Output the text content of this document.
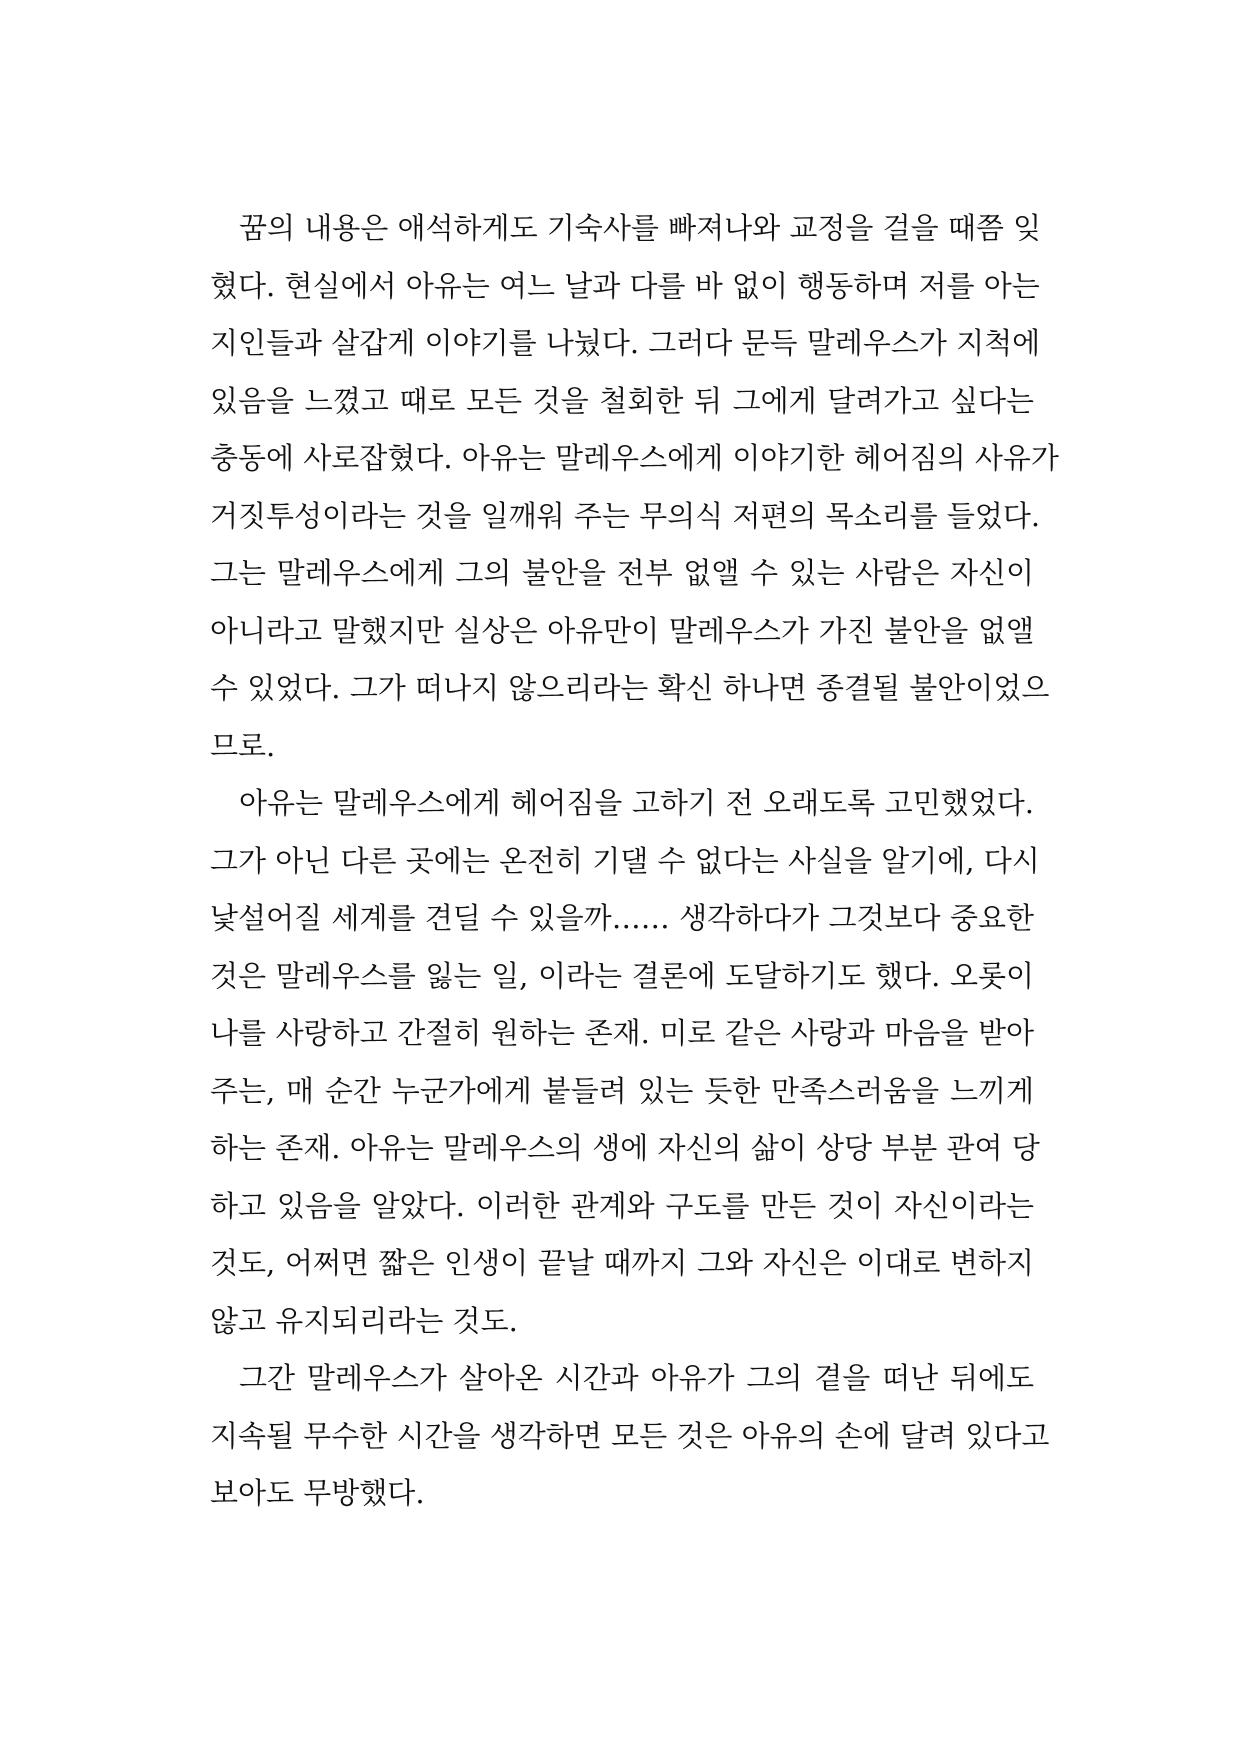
꿈의 내용은 애석하게도 기숙사를 빠져나와 교정을 걸을 때쯤 잊
혔다. 현실에서 아유는 여느 날과 다를 바 없이 행동하며 저를 아는
지인들과 살갑게 이야기를 나눴다. 그러다 문득 말레우스가 지척에
있음을 느꼈고 때로 모든 것을 철회한 뒤 그에게 달려가고 싶다는
충동에 사로잡혔다. 아유는 말레우스에게 이야기한 헤어짐의 사유가
거짓투성이라는 것을 일깨워 주는 무의식 저편의 목소리를 들었다.
그는 말레우스에게 그의 불안을 전부 없앨 수 있는 사람은 자신이
아니라고 말했지만 실상은 아유만이 말레우스가 가진 불안을 없앨
수 있었다. 그가 떠나지 않으리라는 확신 하나면 종결될 불안이었으
므로.
아유는 말레우스에게 헤어짐을 고하기 전 오래도록 고민했었다.
그가 아닌 다른 곳에는 온전히 기댈 수 없다는 사실을 알기에, 다시
낯설어질 세계를 견딜 수 있을까…… 생각하다가 그것보다 중요한
것은 말레우스를 잃는 일, 이라는 결론에 도달하기도 했다. 오롯이
나를 사랑하고 간절히 원하는 존재. 미로 같은 사랑과 마음을 받아
주는, 매 순간 누군가에게 붙들려 있는 듯한 만족스러움을 느끼게
하는 존재. 아유는 말레우스의 생에 자신의 삶이 상당 부분 관여 당
하고 있음을 알았다. 이러한 관계와 구도를 만든 것이 자신이라는
것도, 어쩌면 짧은 인생이 끝날 때까지 그와 자신은 이대로 변하지
않고 유지되리라는 것도.
그간 말레우스가 살아온 시간과 아유가 그의 곁을 떠난 뒤에도
지속될 무수한 시간을 생각하면 모든 것은 아유의 손에 달려 있다고
보아도 무방했다.
